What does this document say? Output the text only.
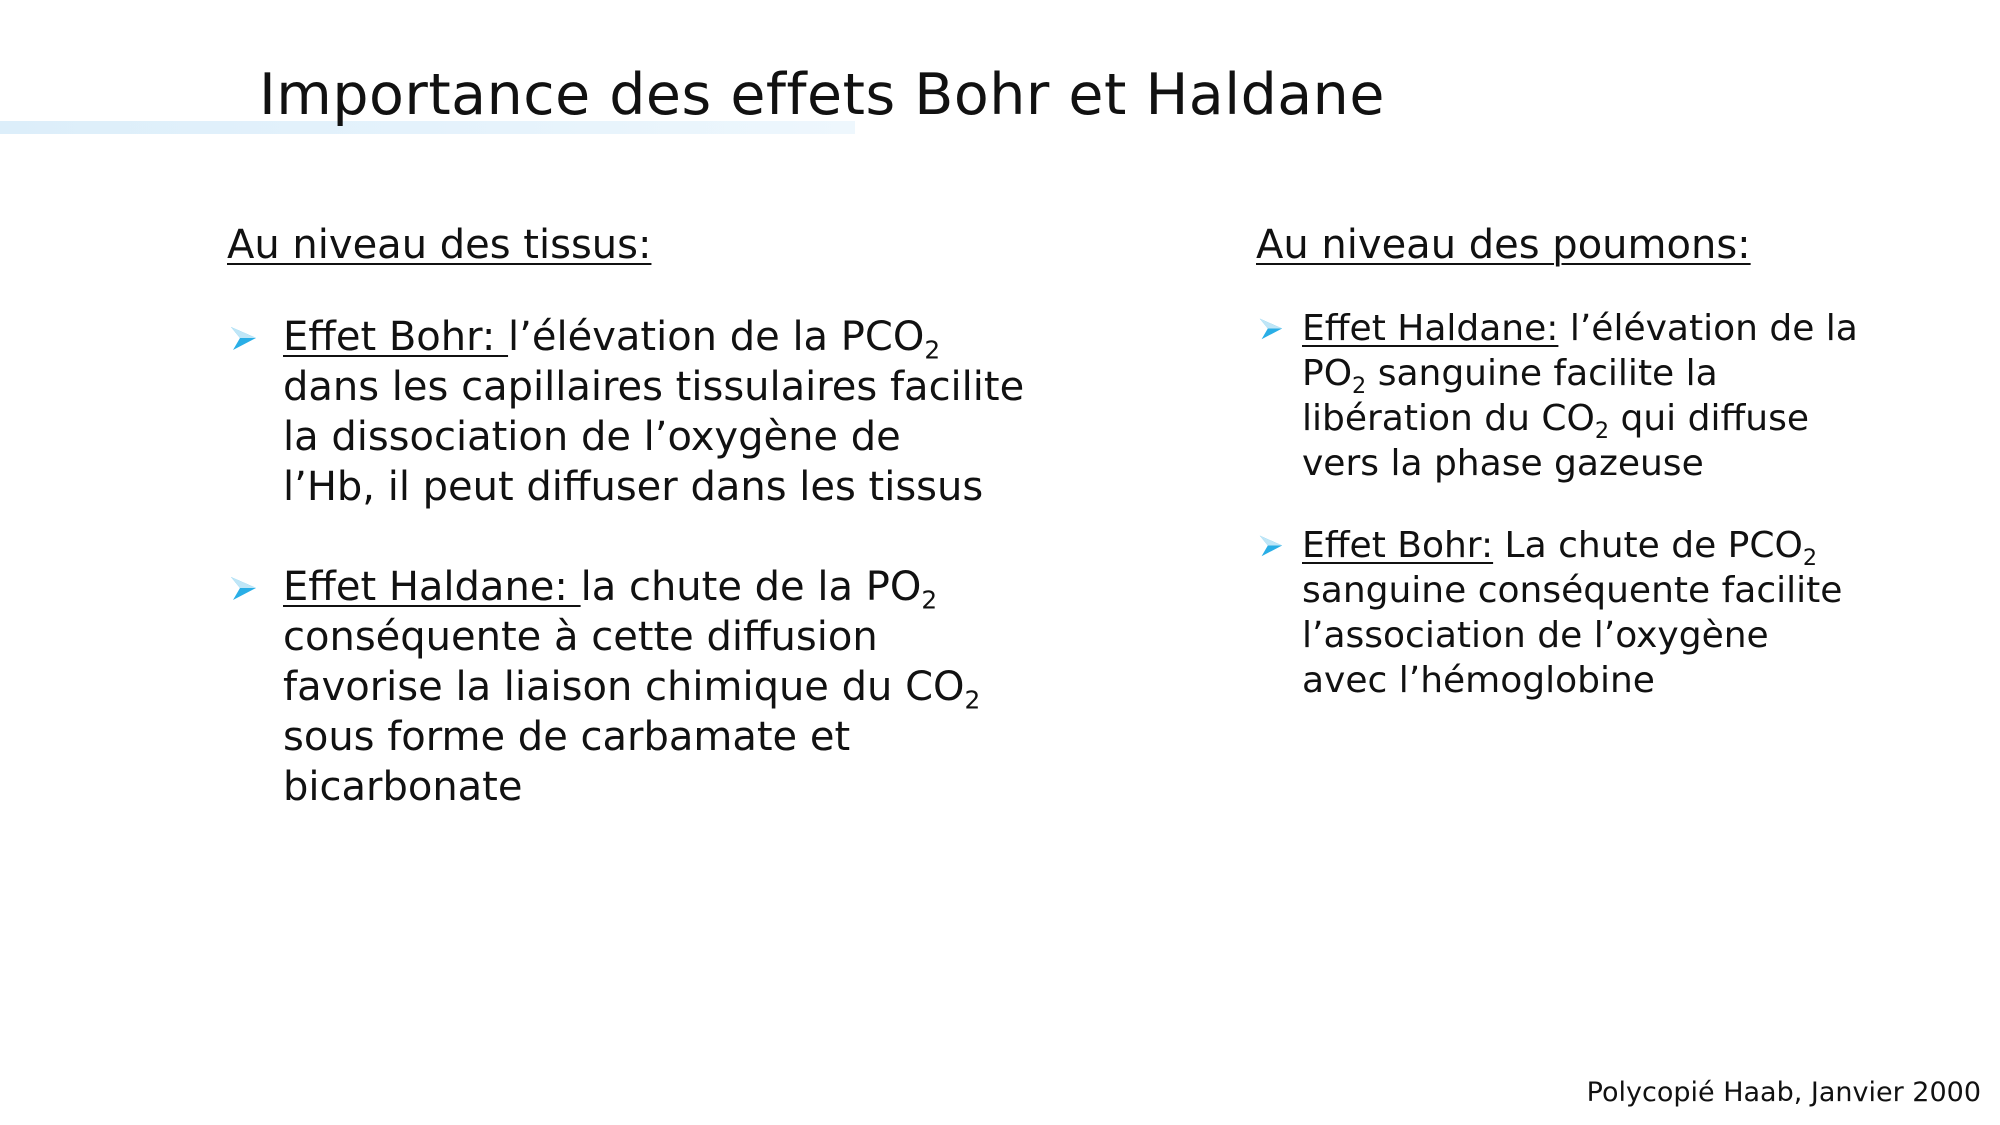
Importance des effets Bohr et Haldane
Au niveau des tissus:
Effet Bohr: l’élévation de la $PCO_2$
dans les capillaires tissulaires facilite
la dissociation de l’oxygène de
l’Hb, il peut diffuser dans les tissus
Effet Haldane: la chute de la $PO_2$
conséquente à cette diffusion
favorise la liaison chimique du $CO_2$
sous forme de carbamate et
bicarbonate
Au niveau des poumons:
Effet Haldane: l’élévation de la
$PO_2$ sanguine facilite la
libération du $CO_2$ qui diffuse
vers la phase gazeuse
Effet Bohr: La chute de $PCO_2$
sanguine conséquente facilite
l’association de l’oxygène
avec l’hémoglobine
Polycopié Haab, Janvier 2000
